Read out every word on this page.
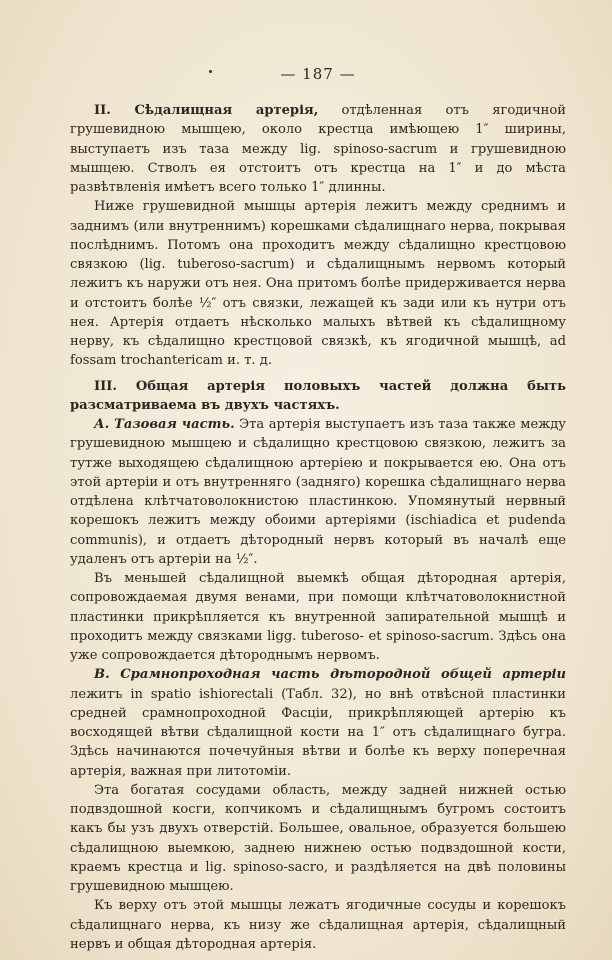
— 187 —

II. Сѣдалищная артерія, отдѣленная отъ ягодичной грушевидною мышцею, около крестца имѣющею 1″ ширины, выступаетъ изъ таза между lig. spinoso-sacrum и грушевидною мышцею. Стволъ ея отстоитъ отъ крестца на 1″ и до мѣста развѣтвленія имѣетъ всего только 1″ длинны.

Ниже грушевидной мышцы артерія лежитъ между среднимъ и заднимъ (или внутреннимъ) корешками сѣдалищнаго нерва, покрывая послѣднимъ. Потомъ она проходитъ между сѣдалищно крестцовою связкою (lig. tuberoso-sacrum) и сѣдалищнымъ нервомъ который лежитъ къ наружи отъ нея. Она притомъ болѣе придерживается нерва и отстоитъ болѣе ½″ отъ связки, лежащей къ зади или къ нутри отъ нея. Артерія отдаетъ нѣсколько малыхъ вѣтвей къ сѣдалищному нерву, къ сѣдалищно крестцовой связкѣ, къ ягодичной мышцѣ, ad fossam trochantericam и. т. д.

III. Общая артерія половыхъ частей должна быть разсматриваема въ двухъ частяхъ.

А. Тазовая часть. Эта артерія выступаетъ изъ таза также между грушевидною мышцею и сѣдалищно крестцовою связкою, лежитъ за тутже выходящею сѣдалищною артеріею и покрывается ею. Она отъ этой артеріи и отъ внутренняго (задняго) корешка сѣдалищнаго нерва отдѣлена клѣтчатоволокнистою пластинкою. Упомянутый нервный корешокъ лежитъ между обоими артеріями (ischiadica et pudenda communis), и отдаетъ дѣтородный нервъ который въ началѣ еще удаленъ отъ артеріи на ½″.

Въ меньшей сѣдалищной выемкѣ общая дѣтородная артерія, сопровождаемая двумя венами, при помощи клѣтчатоволокнистной пластинки прикрѣпляется къ внутренной запирательной мышцѣ и проходитъ между связками ligg. tuberoso- et spinoso-sacrum. Здѣсь она уже сопровождается дѣтороднымъ нервомъ.

В. Срамнопроходная часть дѣтородной общей артеріи лежитъ in spatio ishiorectali (Табл. 32), но внѣ отвѣсной пластинки средней срамнопроходной Фасціи, прикрѣпляющей артерію къ восходящей вѣтви сѣдалищной кости на 1″ отъ сѣдалищнаго бугра. Здѣсь начинаются почечуйныя вѣтви и болѣе къ верху поперечная артерія, важная при литотоміи.

Эта богатая сосудами область, между задней нижней остью подвздошной косги, копчикомъ и сѣдалищнымъ бугромъ состоитъ какъ бы узъ двухъ отверстій. Большее, овальное, образуется большею сѣдалищною выемкою, заднею нижнею остью подвздошной кости, краемъ крестца и lig. spinoso-sacro, и раздѣляется на двѣ половины грушевидною мышцею.

Къ верху отъ этой мышцы лежатъ ягодичные сосуды и корешокъ сѣдалищнаго нерва, къ низу же сѣдалищная артерія, сѣдалищный нервъ и общая дѣтородная артерія.
